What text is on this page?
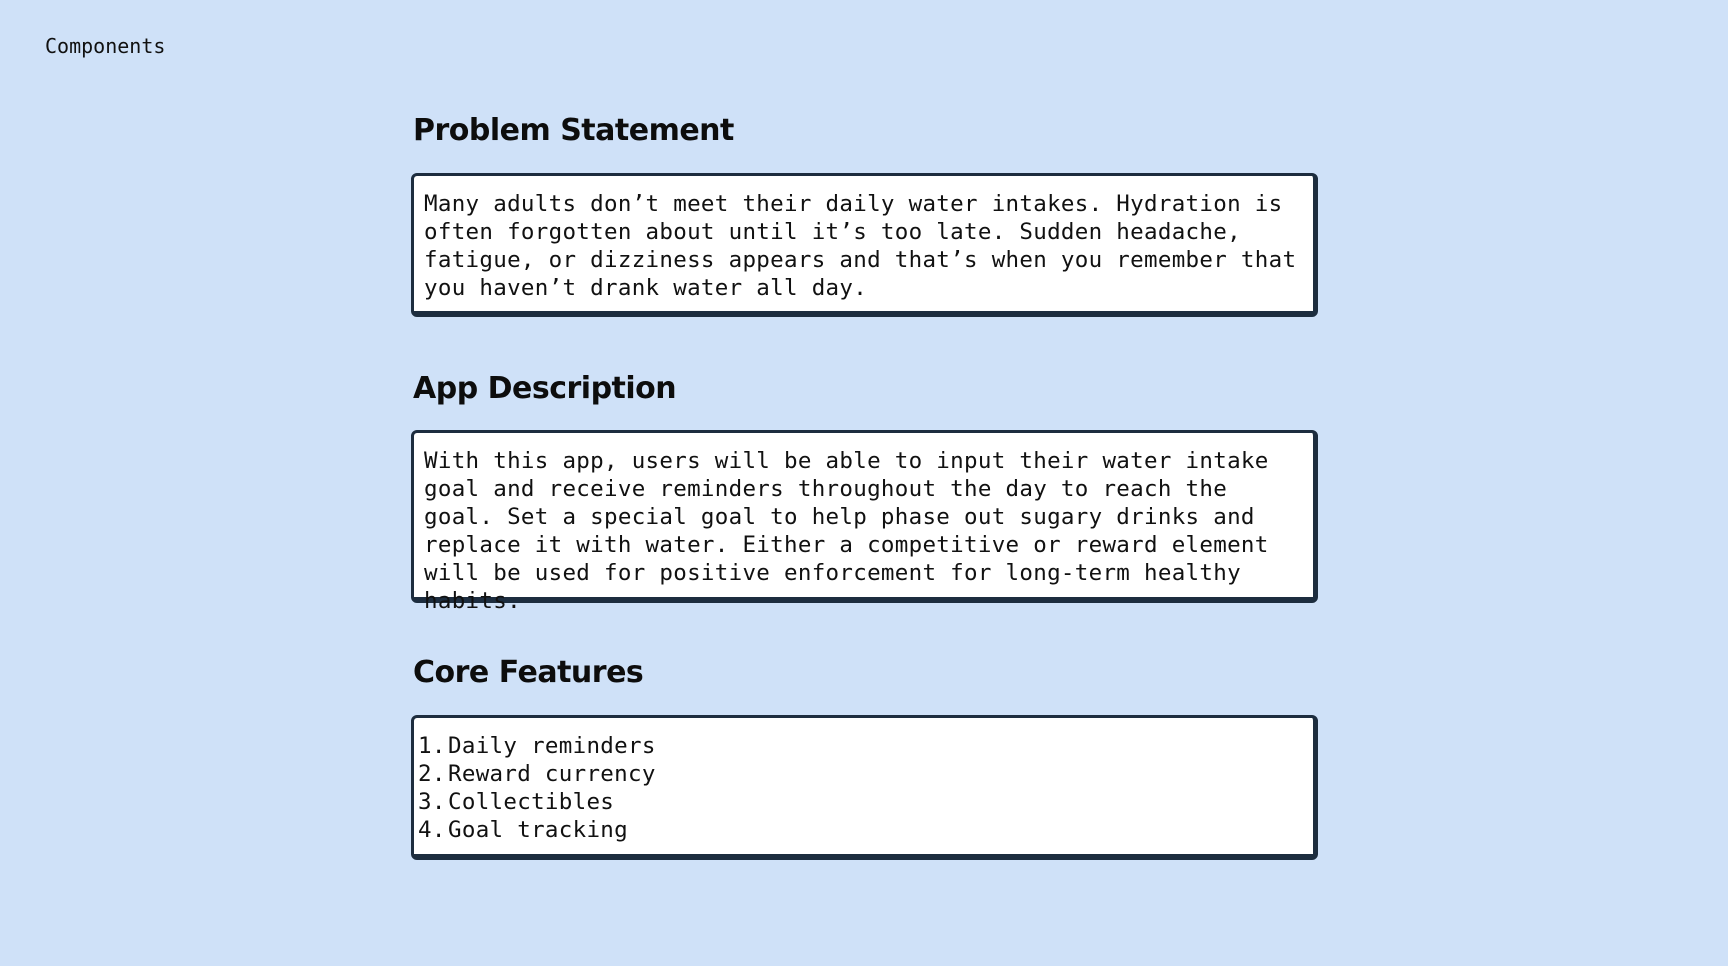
Components
Problem Statement

Many adults don’t meet their daily water intakes. Hydration is often forgotten about until it’s too late. Sudden headache, fatigue, or dizziness appears and that’s when you remember that you haven’t drank water all day.

App Description

With this app, users will be able to input their water intake goal and receive reminders throughout the day to reach the goal. Set a special goal to help phase out sugary drinks and replace it with water. Either a competitive or reward element will be used for positive enforcement for long-term healthy habits.

Core Features
1. Daily reminders
2. Reward currency
3. Collectibles
4. Goal tracking
